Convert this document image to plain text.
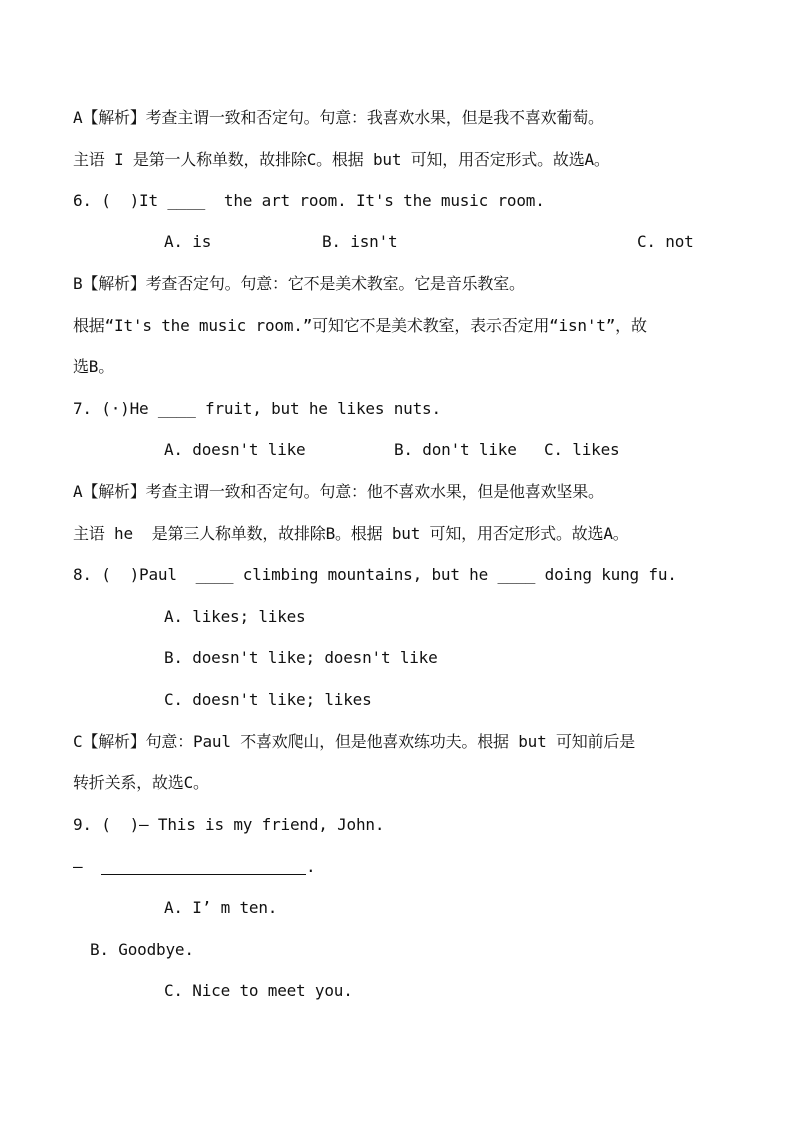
A【解析】考查主谓一致和否定句。句意：我喜欢水果，但是我不喜欢葡萄。
主语 I 是第一人称单数，故排除C。根据 but 可知，用否定形式。故选A。
6. (  )It ____  the art room. It's the music room.
A. is	B. isn't	C. not
B【解析】考查否定句。句意：它不是美术教室。它是音乐教室。
根据“It's the music room.”可知它不是美术教室，表示否定用“isn't”，故
选B。
7. (·)He ____ fruit, but he likes nuts.
A. doesn't like	B. don't like C. likes
A【解析】考查主谓一致和否定句。句意：他不喜欢水果，但是他喜欢坚果。
主语 he  是第三人称单数，故排除B。根据 but 可知，用否定形式。故选A。
8. (  )Paul  ____ climbing mountains, but he ____ doing kung fu.
A. likes; likes
B. doesn't like; doesn't like
C. doesn't like; likes
C【解析】句意：Paul 不喜欢爬山，但是他喜欢练功夫。根据 but 可知前后是
转折关系，故选C。
9. (  )— This is my friend, John.
—	.
A. I’ m ten.
B. Goodbye.
C. Nice to meet you.
